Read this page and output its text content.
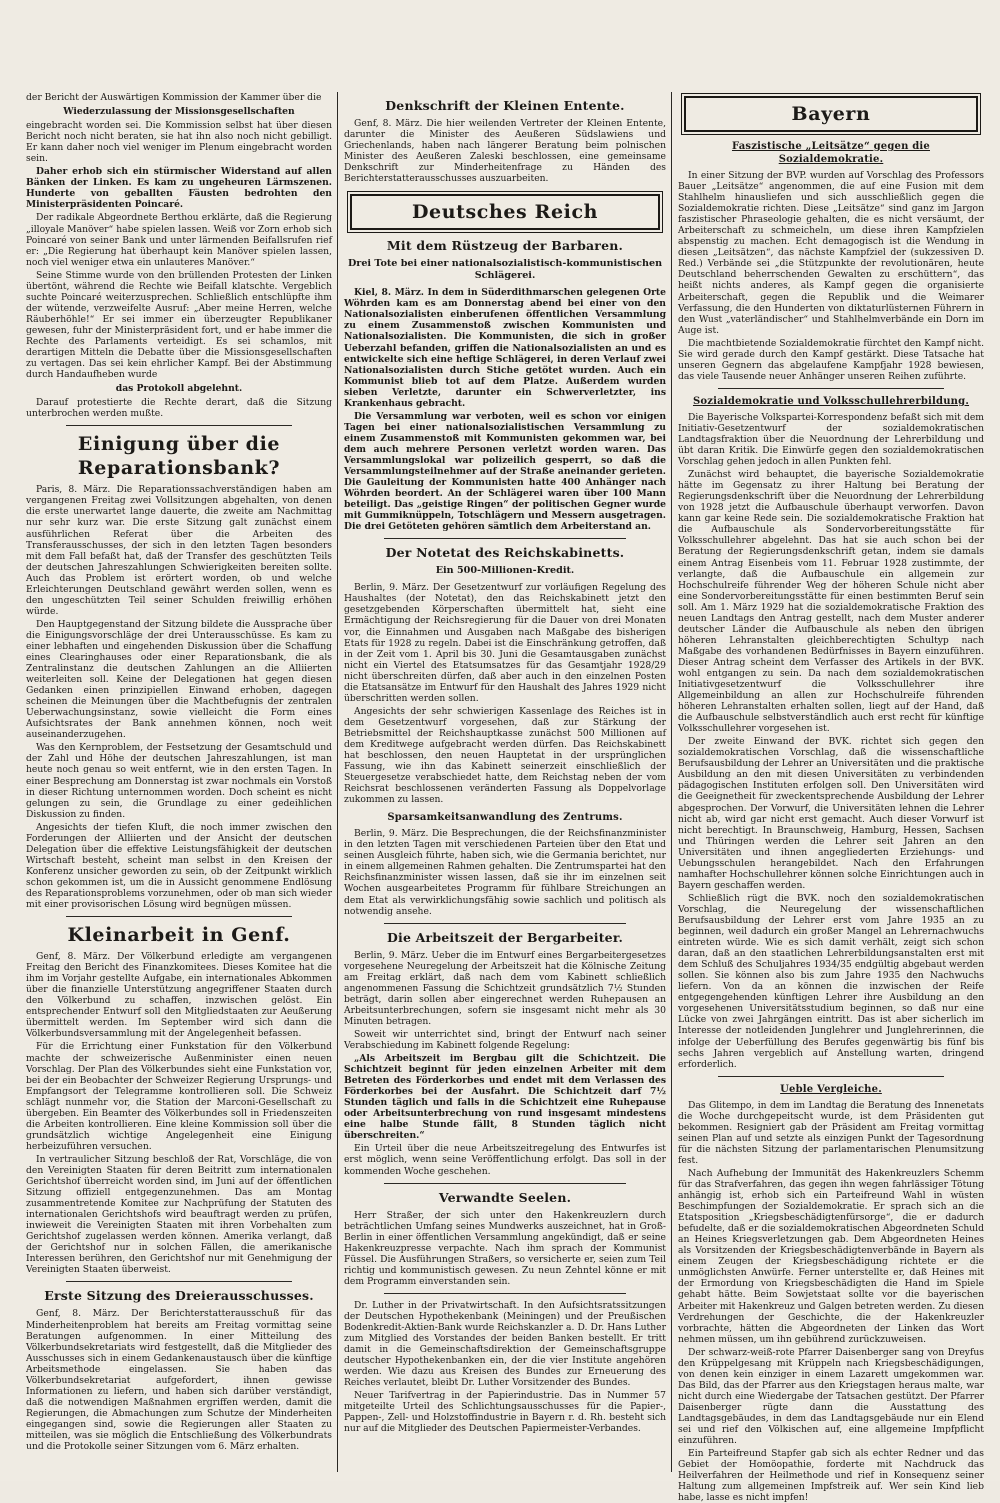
der Bericht der Auswärtigen Kommission der Kammer über die

Wiederzulassung der Missionsgesellschaften

eingebracht worden sei. Die Kommission selbst hat über diesen Bericht noch nicht beraten, sie hat ihn also noch nicht gebilligt. Er kann daher noch viel weniger im Plenum eingebracht worden sein.

Daher erhob sich ein stürmischer Widerstand auf allen Bänken der Linken. Es kam zu ungeheuren Lärmszenen. Hunderte von geballten Fäusten bedrohten den Ministerpräsidenten Poincaré.

Der radikale Abgeordnete Berthou erklärte, daß die Regierung „illoyale Manöver“ habe spielen lassen. Weiß vor Zorn erhob sich Poincaré von seiner Bank und unter lärmenden Beifallsrufen rief er: „Die Regierung hat überhaupt kein Manöver spielen lassen, noch viel weniger etwa ein unlauteres Manöver.“

Seine Stimme wurde von den brüllenden Protesten der Linken übertönt, während die Rechte wie Beifall klatschte. Vergeblich suchte Poincaré weiterzusprechen. Schließlich entschlüpfte ihm der wütende, verzweifelte Ausruf: „Aber meine Herren, welche Räuberhöhle!“ Er sei immer ein überzeugter Republikaner gewesen, fuhr der Ministerpräsident fort, und er habe immer die Rechte des Parlaments verteidigt. Es sei schamlos, mit derartigen Mitteln die Debatte über die Missionsgesellschaften zu vertagen. Das sei kein ehrlicher Kampf. Bei der Abstimmung durch Handaufheben wurde

das Protokoll abgelehnt.

Darauf protestierte die Rechte derart, daß die Sitzung unterbrochen werden mußte.

Einigung über die Reparationsbank?

Paris, 8. März. Die Reparationssachverständigen haben am vergangenen Freitag zwei Vollsitzungen abgehalten, von denen die erste unerwartet lange dauerte, die zweite am Nachmittag nur sehr kurz war. Die erste Sitzung galt zunächst einem ausführlichen Referat über die Arbeiten des Transferausschusses, der sich in den letzten Tagen besonders mit dem Fall befaßt hat, daß der Transfer des geschützten Teils der deutschen Jahreszahlungen Schwierigkeiten bereiten sollte. Auch das Problem ist erörtert worden, ob und welche Erleichterungen Deutschland gewährt werden sollen, wenn es den ungeschützten Teil seiner Schulden freiwillig erhöhen würde.

Den Hauptgegenstand der Sitzung bildete die Aussprache über die Einigungsvorschläge der drei Unterausschüsse. Es kam zu einer lebhaften und eingehenden Diskussion über die Schaffung eines Clearinghauses oder einer Reparationsbank, die als Zentralinstanz die deutschen Zahlungen an die Alliierten weiterleiten soll. Keine der Delegationen hat gegen diesen Gedanken einen prinzipiellen Einwand erhoben, dagegen scheinen die Meinungen über die Machtbefugnis der zentralen Ueberwachungsinstanz, sowie vielleicht die Form eines Aufsichtsrates der Bank annehmen können, noch weit auseinanderzugehen.

Was den Kernproblem, der Festsetzung der Gesamtschuld und der Zahl und Höhe der deutschen Jahreszahlungen, ist man heute noch genau so weit entfernt, wie in den ersten Tagen. In einer Besprechung am Donnerstag ist zwar nochmals ein Vorstoß in dieser Richtung unternommen worden. Doch scheint es nicht gelungen zu sein, die Grundlage zu einer gedeihlichen Diskussion zu finden.

Angesichts der tiefen Kluft, die noch immer zwischen den Forderungen der Alliierten und der Ansicht der deutschen Delegation über die effektive Leistungsfähigkeit der deutschen Wirtschaft besteht, scheint man selbst in den Kreisen der Konferenz unsicher geworden zu sein, ob der Zeitpunkt wirklich schon gekommen ist, um die in Aussicht genommene Endlösung des Reparationsproblems vorzunehmen, oder ob man sich wieder mit einer provisorischen Lösung wird begnügen müssen.

Kleinarbeit in Genf.

Genf, 8. März. Der Völkerbund erledigte am vergangenen Freitag den Bericht des Finanzkomitees. Dieses Komitee hat die ihm im Vorjahr gestellte Aufgabe, ein internationales Abkommen über die finanzielle Unterstützung angegriffener Staaten durch den Völkerbund zu schaffen, inzwischen gelöst. Ein entsprechender Entwurf soll den Mitgliedstaaten zur Aeußerung übermittelt werden. Im September wird sich dann die Völkerbundsversammlung mit der Angelegenheit befassen.

Für die Errichtung einer Funkstation für den Völkerbund machte der schweizerische Außenminister einen neuen Vorschlag. Der Plan des Völkerbundes sieht eine Funkstation vor, bei der ein Beobachter der Schweizer Regierung Ursprungs- und Empfangsort der Telegramme kontrollieren soll. Die Schweiz schlägt nunmehr vor, die Station der Marconi-Gesellschaft zu übergeben. Ein Beamter des Völkerbundes soll in Friedenszeiten die Arbeiten kontrollieren. Eine kleine Kommission soll über die grundsätzlich wichtige Angelegenheit eine Einigung herbeizuführen versuchen.

In vertraulicher Sitzung beschloß der Rat, Vorschläge, die von den Vereinigten Staaten für deren Beitritt zum internationalen Gerichtshof überreicht worden sind, im Juni auf der öffentlichen Sitzung offiziell entgegenzunehmen. Das am Montag zusammentretende Komitee zur Nachprüfung der Statuten des internationalen Gerichtshofs wird beauftragt werden zu prüfen, inwieweit die Vereinigten Staaten mit ihren Vorbehalten zum Gerichtshof zugelassen werden können. Amerika verlangt, daß der Gerichtshof nur in solchen Fällen, die amerikanische Interessen berühren, den Gerichtshof nur mit Genehmigung der Vereinigten Staaten überweist.

Erste Sitzung des Dreierausschusses.

Genf, 8. März. Der Berichterstatterausschuß für das Minderheitenproblem hat bereits am Freitag vormittag seine Beratungen aufgenommen. In einer Mitteilung des Völkerbundsekretariats wird festgestellt, daß die Mitglieder des Ausschusses sich in einem Gedankenaustausch über die künftige Arbeitsmethode eingelassen. Sie haben das Völkerbundsekretariat aufgefordert, ihnen gewisse Informationen zu liefern, und haben sich darüber verständigt, daß die notwendigen Maßnahmen ergriffen werden, damit die Regierungen, die Abmachungen zum Schutze der Minderheiten eingegangen sind, sowie die Regierungen aller Staaten zu mitteilen, was sie möglich die Entschließung des Völkerbundrats und die Protokolle seiner Sitzungen vom 6. März erhalten.

Denkschrift der Kleinen Entente.

Genf, 8. März. Die hier weilenden Vertreter der Kleinen Entente, darunter die Minister des Aeußeren Südslawiens und Griechenlands, haben nach längerer Beratung beim polnischen Minister des Aeußeren Zaleski beschlossen, eine gemeinsame Denkschrift zur Minderheitenfrage zu Händen des Berichterstatterausschusses auszuarbeiten.

Deutsches Reich
Mit dem Rüstzeug der Barbaren.
Drei Tote bei einer nationalsozialistisch-kommunistischen Schlägerei.

Kiel, 8. März. In dem in Süderdithmarschen gelegenen Orte Wöhrden kam es am Donnerstag abend bei einer von den Nationalsozialisten einberufenen öffentlichen Versammlung zu einem Zusammenstoß zwischen Kommunisten und Nationalsozialisten. Die Kommunisten, die sich in großer Ueberzahl befanden, griffen die Nationalsozialisten an und es entwickelte sich eine heftige Schlägerei, in deren Verlauf zwei Nationalsozialisten durch Stiche getötet wurden. Auch ein Kommunist blieb tot auf dem Platze. Außerdem wurden sieben Verletzte, darunter ein Schwerverletzter, ins Krankenhaus gebracht.

Die Versammlung war verboten, weil es schon vor einigen Tagen bei einer nationalsozialistischen Versammlung zu einem Zusammenstoß mit Kommunisten gekommen war, bei dem auch mehrere Personen verletzt worden waren. Das Versammlungslokal war polizeilich gesperrt, so daß die Versammlungsteilnehmer auf der Straße aneinander gerieten. Die Gauleitung der Kommunisten hatte 400 Anhänger nach Wöhrden beordert. An der Schlägerei waren über 100 Mann beteiligt. Das „geistige Ringen“ der politischen Gegner wurde mit Gummiknüppeln, Totschlägern und Messern ausgetragen. Die drei Getöteten gehören sämtlich dem Arbeiterstand an.

Der Notetat des Reichskabinetts.
Ein 500-Millionen-Kredit.

Berlin, 9. März. Der Gesetzentwurf zur vorläufigen Regelung des Haushaltes (der Notetat), den das Reichskabinett jetzt den gesetzgebenden Körperschaften übermittelt hat, sieht eine Ermächtigung der Reichsregierung für die Dauer von drei Monaten vor, die Einnahmen und Ausgaben nach Maßgabe des bisherigen Etats für 1928 zu regeln. Dabei ist die Einschränkung getroffen, daß in der Zeit vom 1. April bis 30. Juni die Gesamtausgaben zunächst nicht ein Viertel des Etatsumsatzes für das Gesamtjahr 1928/29 nicht überschreiten dürfen, daß aber auch in den einzelnen Posten die Etatsansätze im Entwurf für den Haushalt des Jahres 1929 nicht überschritten werden sollen.

Angesichts der sehr schwierigen Kassenlage des Reiches ist in dem Gesetzentwurf vorgesehen, daß zur Stärkung der Betriebsmittel der Reichshauptkasse zunächst 500 Millionen auf dem Kreditwege aufgebracht werden dürfen. Das Reichskabinett hat beschlossen, den neuen Hauptetat in der ursprünglichen Fassung, wie ihn das Kabinett seinerzeit einschließlich der Steuergesetze verabschiedet hatte, dem Reichstag neben der vom Reichsrat beschlossenen veränderten Fassung als Doppelvorlage zukommen zu lassen.

Sparsamkeitsanwandlung des Zentrums.

Berlin, 9. März. Die Besprechungen, die der Reichsfinanzminister in den letzten Tagen mit verschiedenen Parteien über den Etat und seinen Ausgleich führte, haben sich, wie die Germania berichtet, nur in einem allgemeinen Rahmen gehalten. Die Zentrumspartei hat den Reichsfinanzminister wissen lassen, daß sie ihr im einzelnen seit Wochen ausgearbeitetes Programm für fühlbare Streichungen an dem Etat als verwirklichungsfähig sowie sachlich und politisch als notwendig ansehe.

Die Arbeitszeit der Bergarbeiter.

Berlin, 9. März. Ueber die im Entwurf eines Bergarbeitergesetzes vorgesehene Neuregelung der Arbeitszeit hat die Kölnische Zeitung am Freitag erklärt, daß nach dem vom Kabinett schließlich angenommenen Fassung die Schichtzeit grundsätzlich 7½ Stunden beträgt, darin sollen aber eingerechnet werden Ruhepausen an Arbeitsunterbrechungen, sofern sie insgesamt nicht mehr als 30 Minuten betragen.

Soweit wir unterrichtet sind, bringt der Entwurf nach seiner Verabschiedung im Kabinett folgende Regelung:

„Als Arbeitszeit im Bergbau gilt die Schichtzeit. Die Schichtzeit beginnt für jeden einzelnen Arbeiter mit dem Betreten des Förderkorbes und endet mit dem Verlassen des Förderkorbes bei der Ausfahrt. Die Schichtzeit darf 7½ Stunden täglich und falls in die Schichtzeit eine Ruhepause oder Arbeitsunterbrechung von rund insgesamt mindestens eine halbe Stunde fällt, 8 Stunden täglich nicht überschreiten.“

Ein Urteil über die neue Arbeitszeitregelung des Entwurfes ist erst möglich, wenn seine Veröffentlichung erfolgt. Das soll in der kommenden Woche geschehen.

Verwandte Seelen.

Herr Straßer, der sich unter den Hakenkreuzlern durch beträchtlichen Umfang seines Mundwerks auszeichnet, hat in Groß-Berlin in einer öffentlichen Versammlung angekündigt, daß er seine Hakenkreuzpresse verpachte. Nach ihm sprach der Kommunist Füssel. Die Ausführungen Straßers, so versicherte er, seien zum Teil richtig und kommunistisch gewesen. Zu neun Zehntel könne er mit dem Programm einverstanden sein.

Dr. Luther in der Privatwirtschaft. In den Aufsichtsratssitzungen der Deutschen Hypothekenbank (Meiningen) und der Preußischen Bodenkredit-Aktien-Bank wurde Reichskanzler a. D. Dr. Hans Luther zum Mitglied des Vorstandes der beiden Banken bestellt. Er tritt damit in die Gemeinschaftsdirektion der Gemeinschaftsgruppe deutscher Hypothekenbanken ein, der die vier Institute angehören werden. Wie dazu aus Kreisen des Bundes zur Erneuerung des Reiches verlautet, bleibt Dr. Luther Vorsitzender des Bundes.

Neuer Tarifvertrag in der Papierindustrie. Das in Nummer 57 mitgeteilte Urteil des Schlichtungsausschusses für die Papier-, Pappen-, Zell- und Holzstoffindustrie in Bayern r. d. Rh. besteht sich nur auf die Mitglieder des Deutschen Papiermeister-Verbandes.

Bayern
Faszistische „Leitsätze“ gegen die Sozialdemokratie.

In einer Sitzung der BVP. wurden auf Vorschlag des Professors Bauer „Leitsätze“ angenommen, die auf eine Fusion mit dem Stahlhelm hinausliefen und sich ausschließlich gegen die Sozialdemokratie richten. Diese „Leitsätze“ sind ganz im Jargon faszistischer Phraseologie gehalten, die es nicht versäumt, der Arbeiterschaft zu schmeicheln, um diese ihren Kampfzielen abspenstig zu machen. Echt demagogisch ist die Wendung in diesen „Leitsätzen“, das nächste Kampfziel der (sukzessiven D. Red.) Verbände sei „die Stützpunkte der revolutionären, heute Deutschland beherrschenden Gewalten zu erschüttern“, das heißt nichts anderes, als Kampf gegen die organisierte Arbeiterschaft, gegen die Republik und die Weimarer Verfassung, die den Hunderten von diktaturlüsternen Führern in den Wust „vaterländischer“ und Stahlhelmverbände ein Dorn im Auge ist.

Die machtbietende Sozialdemokratie fürchtet den Kampf nicht. Sie wird gerade durch den Kampf gestärkt. Diese Tatsache hat unseren Gegnern das abgelaufene Kampfjahr 1928 bewiesen, das viele Tausende neuer Anhänger unseren Reihen zuführte.

Sozialdemokratie und Volksschullehrerbildung.

Die Bayerische Volkspartei-Korrespondenz befaßt sich mit dem Initiativ-Gesetzentwurf der sozialdemokratischen Landtagsfraktion über die Neuordnung der Lehrerbildung und übt daran Kritik. Die Einwürfe gegen den sozialdemokratischen Vorschlag gehen jedoch in allen Punkten fehl.

Zunächst wird behauptet, die bayerische Sozialdemokratie hätte im Gegensatz zu ihrer Haltung bei Beratung der Regierungsdenkschrift über die Neuordnung der Lehrerbildung von 1928 jetzt die Aufbauschule überhaupt verworfen. Davon kann gar keine Rede sein. Die sozialdemokratische Fraktion hat die Aufbauschule als Sondervorbereitungsstätte für Volksschullehrer abgelehnt. Das hat sie auch schon bei der Beratung der Regierungsdenkschrift getan, indem sie damals einem Antrag Eisenbeis vom 11. Februar 1928 zustimmte, der verlangte, daß die Aufbauschule ein allgemein zur Hochschulreife führender Weg der höheren Schule nicht aber eine Sondervorbereitungsstätte für einen bestimmten Beruf sein soll. Am 1. März 1929 hat die sozialdemokratische Fraktion des neuen Landtags den Antrag gestellt, nach dem Muster anderer deutscher Länder die Aufbauschule als neben den übrigen höheren Lehranstalten gleichberechtigten Schultyp nach Maßgabe des vorhandenen Bedürfnisses in Bayern einzuführen. Dieser Antrag scheint dem Verfasser des Artikels in der BVK. wohl entgangen zu sein. Da nach dem sozialdemokratischen Initiativgesetzentwurf die Volksschullehrer ihre Allgemeinbildung an allen zur Hochschulreife führenden höheren Lehranstalten erhalten sollen, liegt auf der Hand, daß die Aufbauschule selbstverständlich auch erst recht für künftige Volksschullehrer vorgesehen ist.

Der zweite Einwand der BVK. richtet sich gegen den sozialdemokratischen Vorschlag, daß die wissenschaftliche Berufsausbildung der Lehrer an Universitäten und die praktische Ausbildung an den mit diesen Universitäten zu verbindenden pädagogischen Instituten erfolgen soll. Den Universitäten wird die Geeignetheit für zweckentsprechende Ausbildung der Lehrer abgesprochen. Der Vorwurf, die Universitäten lehnen die Lehrer nicht ab, wird gar nicht erst gemacht. Auch dieser Vorwurf ist nicht berechtigt. In Braunschweig, Hamburg, Hessen, Sachsen und Thüringen werden die Lehrer seit Jahren an den Universitäten und ihnen angegliederten Erziehungs- und Uebungsschulen herangebildet. Nach den Erfahrungen namhafter Hochschullehrer können solche Einrichtungen auch in Bayern geschaffen werden.

Schließlich rügt die BVK. noch den sozialdemokratischen Vorschlag, die Neuregelung der wissenschaftlichen Berufsausbildung der Lehrer erst vom Jahre 1935 an zu beginnen, weil dadurch ein großer Mangel an Lehrernachwuchs eintreten würde. Wie es sich damit verhält, zeigt sich schon daran, daß an den staatlichen Lehrerbildungsanstalten erst mit dem Schluß des Schuljahres 1934/35 endgültig abgebaut werden sollen. Sie können also bis zum Jahre 1935 den Nachwuchs liefern. Von da an können die inzwischen der Reife entgegengehenden künftigen Lehrer ihre Ausbildung an den vorgesehenen Universitätsstudium beginnen, so daß nur eine Lücke von zwei Jahrgängen eintritt. Das ist aber sicherlich im Interesse der notleidenden Junglehrer und Junglehrerinnen, die infolge der Ueberfüllung des Berufes gegenwärtig bis fünf bis sechs Jahren vergeblich auf Anstellung warten, dringend erforderlich.

Ueble Vergleiche.

Das Glitempo, in dem im Landtag die Beratung des Innenetats die Woche durchgepeitscht wurde, ist dem Präsidenten gut bekommen. Resigniert gab der Präsident am Freitag vormittag seinen Plan auf und setzte als einzigen Punkt der Tagesordnung für die nächsten Sitzung der parlamentarischen Plenumsitzung fest.

Nach Aufhebung der Immunität des Hakenkreuzlers Schemm für das Strafverfahren, das gegen ihn wegen fahrlässiger Tötung anhängig ist, erhob sich ein Parteifreund Wahl in wüsten Beschimpfungen der Sozialdemokratie. Er sprach sich an die Etatsposition „Kriegsbeschädigtenfürsorge“, die er dadurch befudelte, daß er die sozialdemokratischen Abgeordneten Schuld an Heines Kriegsverletzungen gab. Dem Abgeordneten Heines als Vorsitzenden der Kriegsbeschädigtenverbände in Bayern als einem Zeugen der Kriegsbeschädigung richtete er die unmöglichsten Anwürfe. Ferner unterstellte er, daß Heines mit der Ermordung von Kriegsbeschädigten die Hand im Spiele gehabt hätte. Beim Sowjetstaat sollte vor die bayerischen Arbeiter mit Hakenkreuz und Galgen betreten werden. Zu diesen Verdrehungen der Geschichte, die der Hakenkreuzler vorbrachte, hätten die Abgeordneten der Linken das Wort nehmen müssen, um ihn gebührend zurückzuweisen.

Der schwarz-weiß-rote Pfarrer Daisenberger sang von Dreyfus den Krüppelgesang mit Krüppeln nach Kriegsbeschädigungen, von denen kein einziger in einem Lazarett umgekommen war. Das Bild, das der Pfarrer aus den Kriegstagen heraus malte, war nicht durch eine Wiedergabe der Tatsachen gestützt. Der Pfarrer Daisenberger rügte dann die Ausstattung des Landtagsgebäudes, in dem das Landtagsgebäude nur ein Elend sei und rief den Völkischen auf, eine allgemeine Impfpflicht einzuführen.

Ein Parteifreund Stapfer gab sich als echter Redner und das Gebiet der Homöopathie, forderte mit Nachdruck das Heilverfahren der Heilmethode und rief in Konsequenz seiner Haltung zum allgemeinen Impfstreik auf. Wer sein Kind lieb habe, lasse es nicht impfen!
